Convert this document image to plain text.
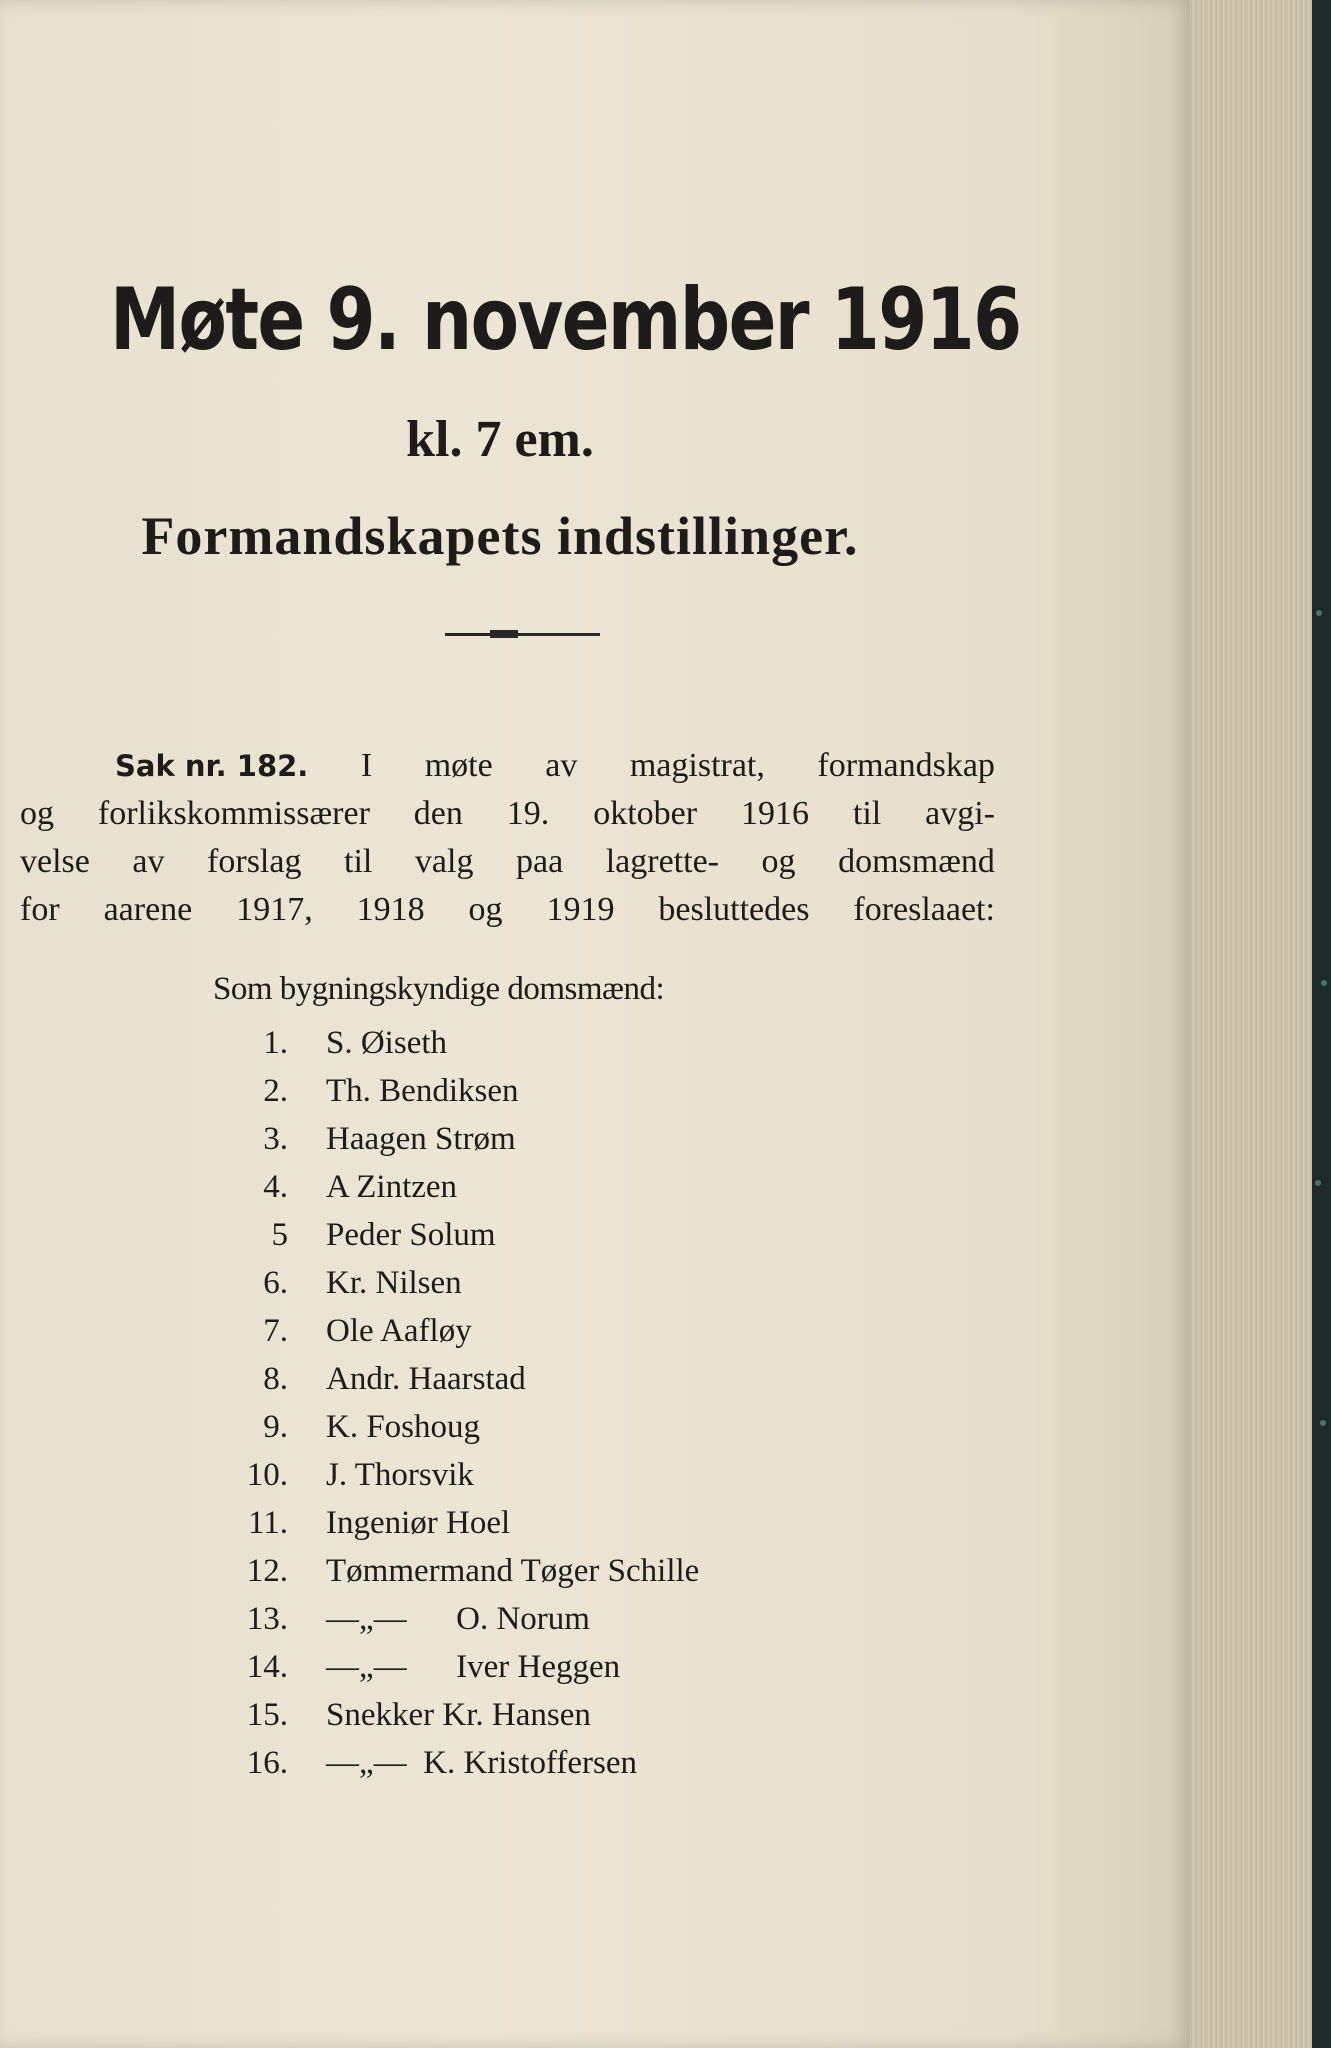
Møte 9. november 1916
kl. 7 em.
Formandskapets indstillinger.
Sak nr. 182. I møte av magistrat, formandskap
og forlikskommissærer den 19. oktober 1916 til avgi-
velse av forslag til valg paa lagrette- og domsmænd
for aarene 1917, 1918 og 1919 besluttedes foreslaaet:
Som bygningskyndige domsmænd:
1. S. Øiseth
2. Th. Bendiksen
3. Haagen Strøm
4. A Zintzen
5 Peder Solum
6. Kr. Nilsen
7. Ole Aafløy
8. Andr. Haarstad
9. K. Foshoug
10. J. Thorsvik
11. Ingeniør Hoel
12. Tømmermand Tøger Schille
13. —„—      O. Norum
14. —„—      Iver Heggen
15. Snekker Kr. Hansen
16. —„—  K. Kristoffersen
